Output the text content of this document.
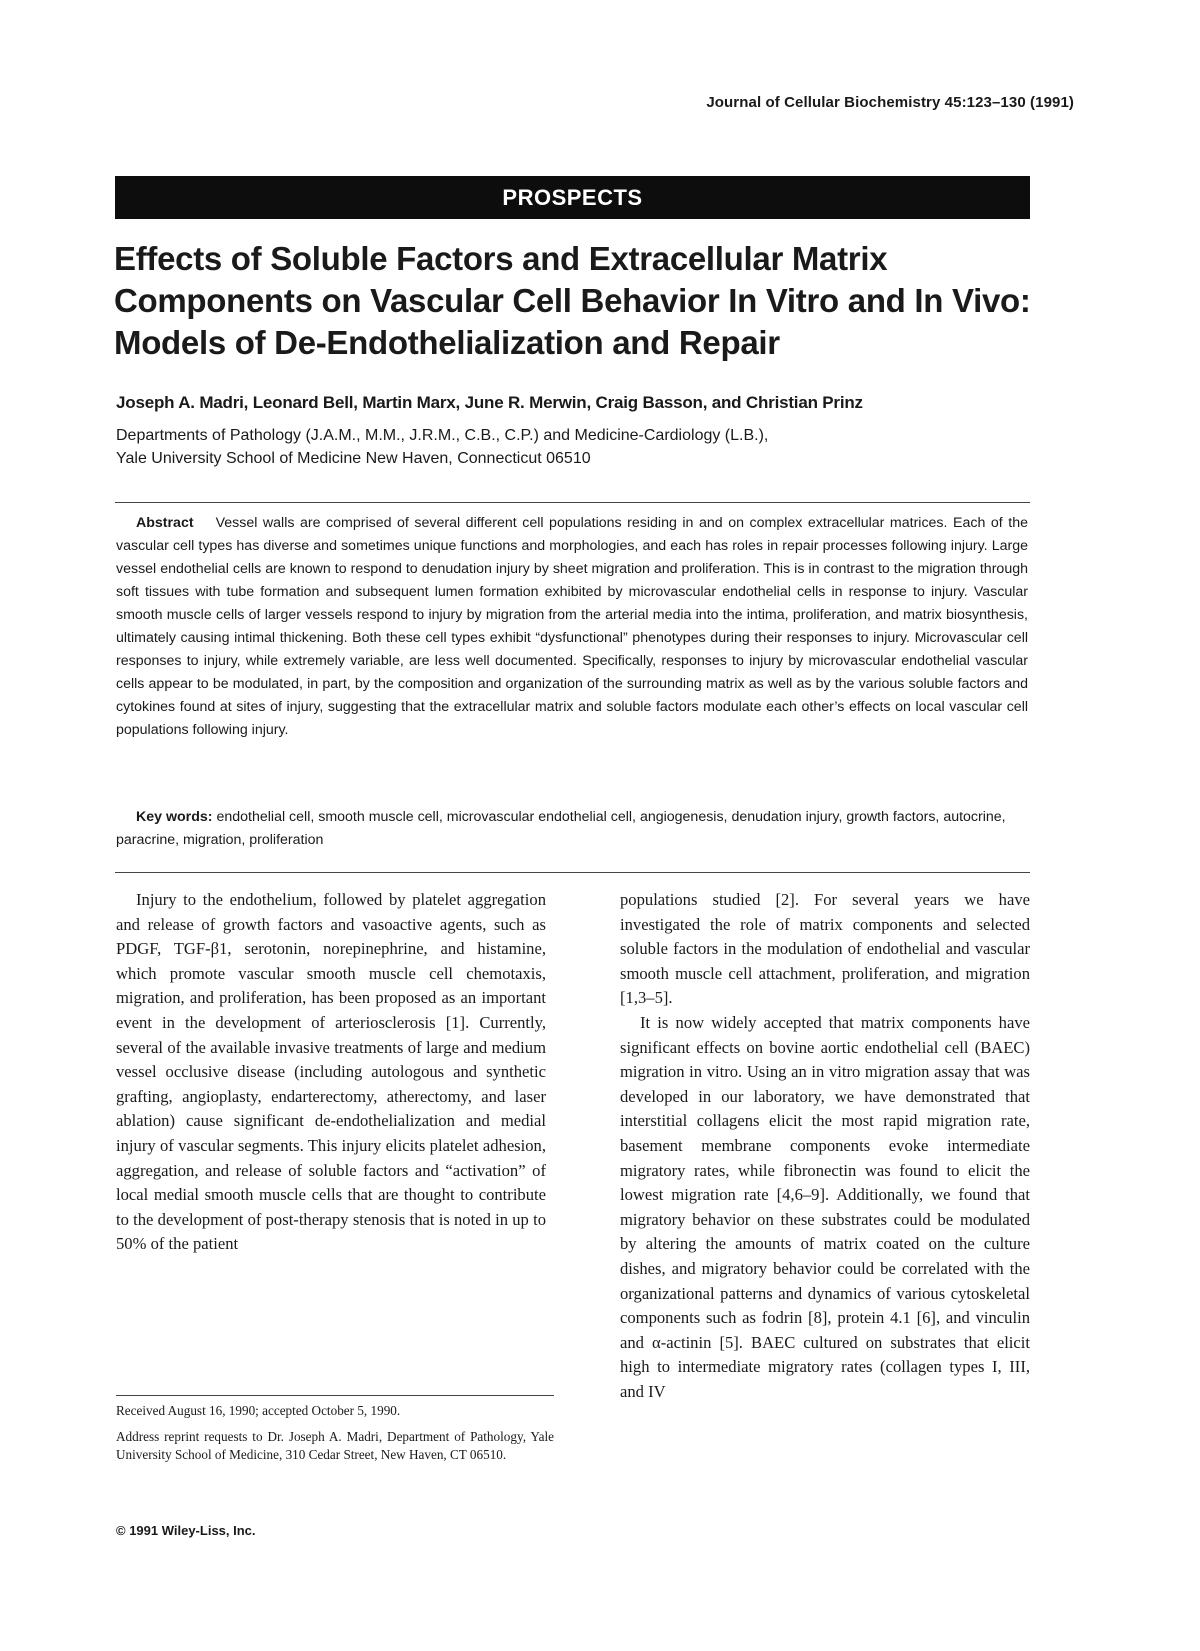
Journal of Cellular Biochemistry 45:123–130 (1991)
PROSPECTS
Effects of Soluble Factors and Extracellular Matrix Components on Vascular Cell Behavior In Vitro and In Vivo: Models of De-Endothelialization and Repair
Joseph A. Madri, Leonard Bell, Martin Marx, June R. Merwin, Craig Basson, and Christian Prinz
Departments of Pathology (J.A.M., M.M., J.R.M., C.B., C.P.) and Medicine-Cardiology (L.B.),
Yale University School of Medicine New Haven, Connecticut 06510

Abstract Vessel walls are comprised of several different cell populations residing in and on complex extracellular matrices. Each of the vascular cell types has diverse and sometimes unique functions and morphologies, and each has roles in repair processes following injury. Large vessel endothelial cells are known to respond to denudation injury by sheet migration and proliferation. This is in contrast to the migration through soft tissues with tube formation and subsequent lumen formation exhibited by microvascular endothelial cells in response to injury. Vascular smooth muscle cells of larger vessels respond to injury by migration from the arterial media into the intima, proliferation, and matrix biosynthesis, ultimately causing intimal thickening. Both these cell types exhibit “dysfunctional” phenotypes during their responses to injury. Microvascular cell responses to injury, while extremely variable, are less well documented. Specifically, responses to injury by microvascular endothelial vascular cells appear to be modulated, in part, by the composition and organization of the surrounding matrix as well as by the various soluble factors and cytokines found at sites of injury, suggesting that the extracellular matrix and soluble factors modulate each other’s effects on local vascular cell populations following injury.

Key words: endothelial cell, smooth muscle cell, microvascular endothelial cell, angiogenesis, denudation injury, growth factors, autocrine, paracrine, migration, proliferation

Injury to the endothelium, followed by platelet aggregation and release of growth factors and vasoactive agents, such as PDGF, TGF-β1, serotonin, norepinephrine, and histamine, which promote vascular smooth muscle cell chemotaxis, migration, and proliferation, has been proposed as an important event in the development of arteriosclerosis [1]. Currently, several of the available invasive treatments of large and medium vessel occlusive disease (including autologous and synthetic grafting, angioplasty, endarterectomy, atherectomy, and laser ablation) cause significant de-endothelialization and medial injury of vascular segments. This injury elicits platelet adhesion, aggregation, and release of soluble factors and “activation” of local medial smooth muscle cells that are thought to contribute to the development of post-therapy stenosis that is noted in up to 50% of the patient

populations studied [2]. For several years we have investigated the role of matrix components and selected soluble factors in the modulation of endothelial and vascular smooth muscle cell attachment, proliferation, and migration [1,3–5].

It is now widely accepted that matrix components have significant effects on bovine aortic endothelial cell (BAEC) migration in vitro. Using an in vitro migration assay that was developed in our laboratory, we have demonstrated that interstitial collagens elicit the most rapid migration rate, basement membrane components evoke intermediate migratory rates, while fibronectin was found to elicit the lowest migration rate [4,6–9]. Additionally, we found that migratory behavior on these substrates could be modulated by altering the amounts of matrix coated on the culture dishes, and migratory behavior could be correlated with the organizational patterns and dynamics of various cytoskeletal components such as fodrin [8], protein 4.1 [6], and vinculin and α-actinin [5]. BAEC cultured on substrates that elicit high to intermediate migratory rates (collagen types I, III, and IV

Received August 16, 1990; accepted October 5, 1990.

Address reprint requests to Dr. Joseph A. Madri, Department of Pathology, Yale University School of Medicine, 310 Cedar Street, New Haven, CT 06510.

© 1991 Wiley-Liss, Inc.
